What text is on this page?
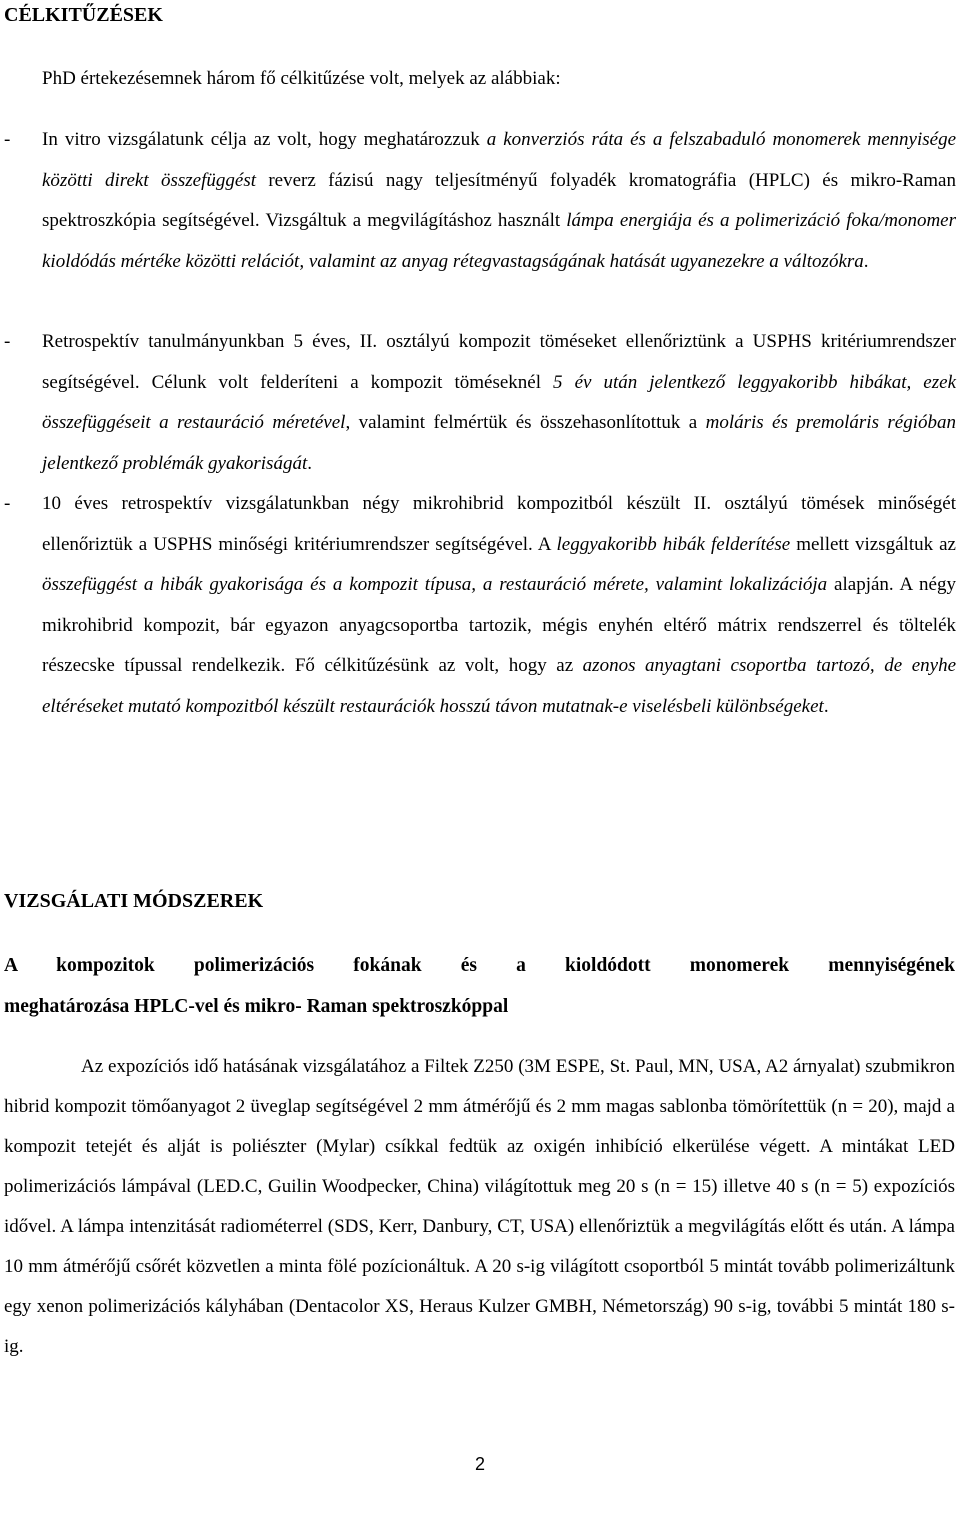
CÉLKITŰZÉSEK

PhD értekezésemnek három fő célkitűzése volt, melyek az alábbiak:

- In vitro vizsgálatunk célja az volt, hogy meghatározzuk a konverziós ráta és a felszabaduló monomerek mennyisége közötti direkt összefüggést reverz fázisú nagy teljesítményű folyadék kromatográfia (HPLC) és mikro-Raman spektroszkópia segítségével. Vizsgáltuk a megvilágításhoz használt lámpa energiája és a polimerizáció foka/monomer kioldódás mértéke közötti relációt, valamint az anyag rétegvastagságának hatását ugyanezekre a változókra.

- Retrospektív tanulmányunkban 5 éves, II. osztályú kompozit töméseket ellenőriztünk a USPHS kritériumrendszer segítségével. Célunk volt felderíteni a kompozit töméseknél 5 év után jelentkező leggyakoribb hibákat, ezek összefüggéseit a restauráció méretével, valamint felmértük és összehasonlítottuk a moláris és premoláris régióban jelentkező problémák gyakoriságát.

- 10 éves retrospektív vizsgálatunkban négy mikrohibrid kompozitból készült II. osztályú tömések minőségét ellenőriztük a USPHS minőségi kritériumrendszer segítségével. A leggyakoribb hibák felderítése mellett vizsgáltuk az összefüggést a hibák gyakorisága és a kompozit típusa, a restauráció mérete, valamint lokalizációja alapján. A négy mikrohibrid kompozit, bár egyazon anyagcsoportba tartozik, mégis enyhén eltérő mátrix rendszerrel és töltelék részecske típussal rendelkezik. Fő célkitűzésünk az volt, hogy az azonos anyagtani csoportba tartozó, de enyhe eltéréseket mutató kompozitból készült restaurációk hosszú távon mutatnak-e viselésbeli különbségeket.

VIZSGÁLATI MÓDSZEREK
A kompozitok polimerizációs fokának és a kioldódott monomerek mennyiségének
meghatározása HPLC-vel és mikro- Raman spektroszkóppal

Az expozíciós idő hatásának vizsgálatához a Filtek Z250 (3M ESPE, St. Paul, MN, USA, A2 árnyalat) szubmikron hibrid kompozit tömőanyagot 2 üveglap segítségével 2 mm átmérőjű és 2 mm magas sablonba tömörítettük (n = 20), majd a kompozit tetejét és alját is poliészter (Mylar) csíkkal fedtük az oxigén inhibíció elkerülése végett. A mintákat LED polimerizációs lámpával (LED.C, Guilin Woodpecker, China) világítottuk meg 20 s (n = 15) illetve 40 s (n = 5) expozíciós idővel. A lámpa intenzitását radiométerrel (SDS, Kerr, Danbury, CT, USA) ellenőriztük a megvilágítás előtt és után. A lámpa 10 mm átmérőjű csőrét közvetlen a minta fölé pozícionáltuk. A 20 s-ig világított csoportból 5 mintát tovább polimerizáltunk egy xenon polimerizációs kályhában (Dentacolor XS, Heraus Kulzer GMBH, Németország) 90 s-ig, további 5 mintát 180 s-ig.

2
